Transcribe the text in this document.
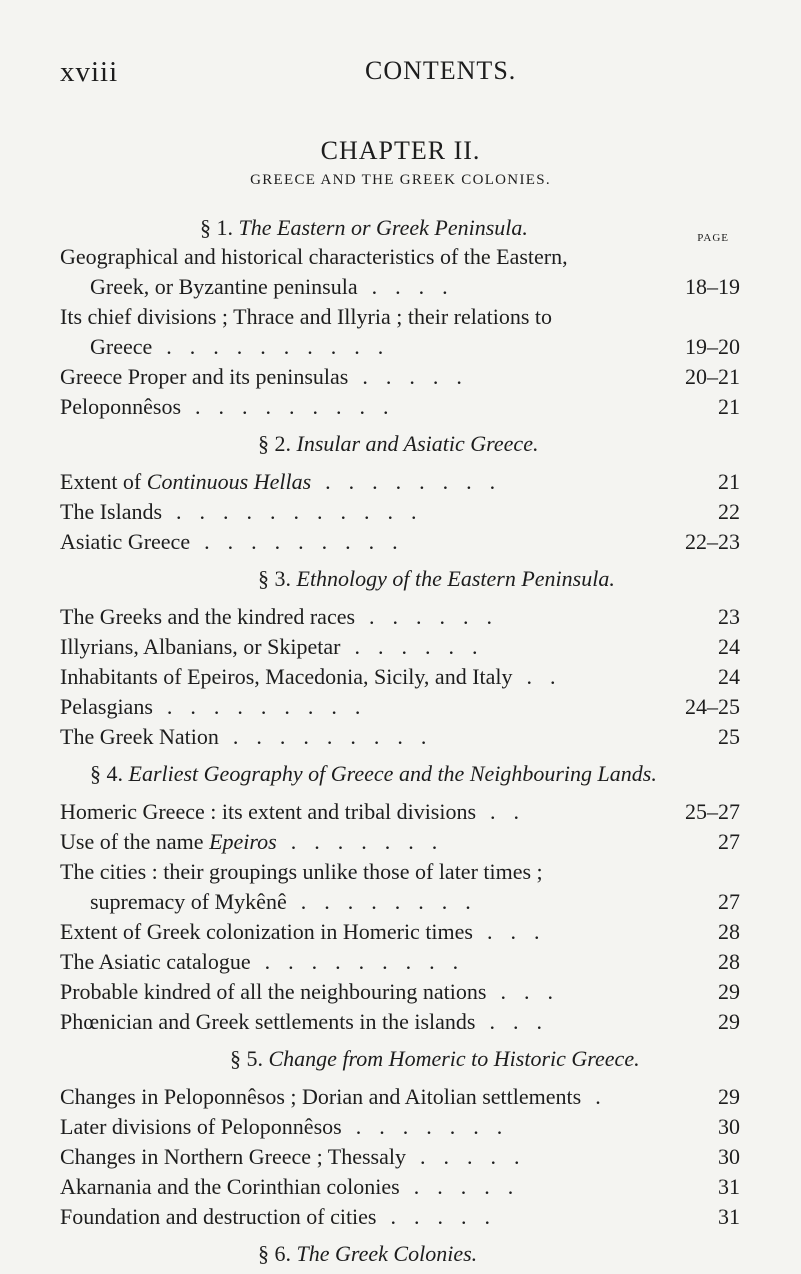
xviii	CONTENTS.
CHAPTER II.
GREECE AND THE GREEK COLONIES.
§ 1. The Eastern or Greek Peninsula.	PAGE
Geographical and historical characteristics of the Eastern,
Greek, or Byzantine peninsula ....	18–19
Its chief divisions ; Thrace and Illyria ; their relations to
Greece ..........	19–20
Greece Proper and its peninsulas .....	20–21
Peloponnêsos .........	21
§ 2. Insular and Asiatic Greece.
Extent of Continuous Hellas ........	21
The Islands ...........	22
Asiatic Greece .........	22–23
§ 3. Ethnology of the Eastern Peninsula.
The Greeks and the kindred races ......	23
Illyrians, Albanians, or Skipetar ......	24
Inhabitants of Epeiros, Macedonia, Sicily, and Italy ..	24
Pelasgians .........	24–25
The Greek Nation .........	25
§ 4. Earliest Geography of Greece and the Neighbouring Lands.
Homeric Greece : its extent and tribal divisions ..	25–27
Use of the name Epeiros .......	27
The cities : their groupings unlike those of later times ;
supremacy of Mykênê ........	27
Extent of Greek colonization in Homeric times ...	28
The Asiatic catalogue .........	28
Probable kindred of all the neighbouring nations ...	29
Phœnician and Greek settlements in the islands ...	29
§ 5. Change from Homeric to Historic Greece.
Changes in Peloponnêsos ; Dorian and Aitolian settlements .	29
Later divisions of Peloponnêsos .......	30
Changes in Northern Greece ; Thessaly .....	30
Akarnania and the Corinthian colonies .....	31
Foundation and destruction of cities .....	31
§ 6. The Greek Colonies.
